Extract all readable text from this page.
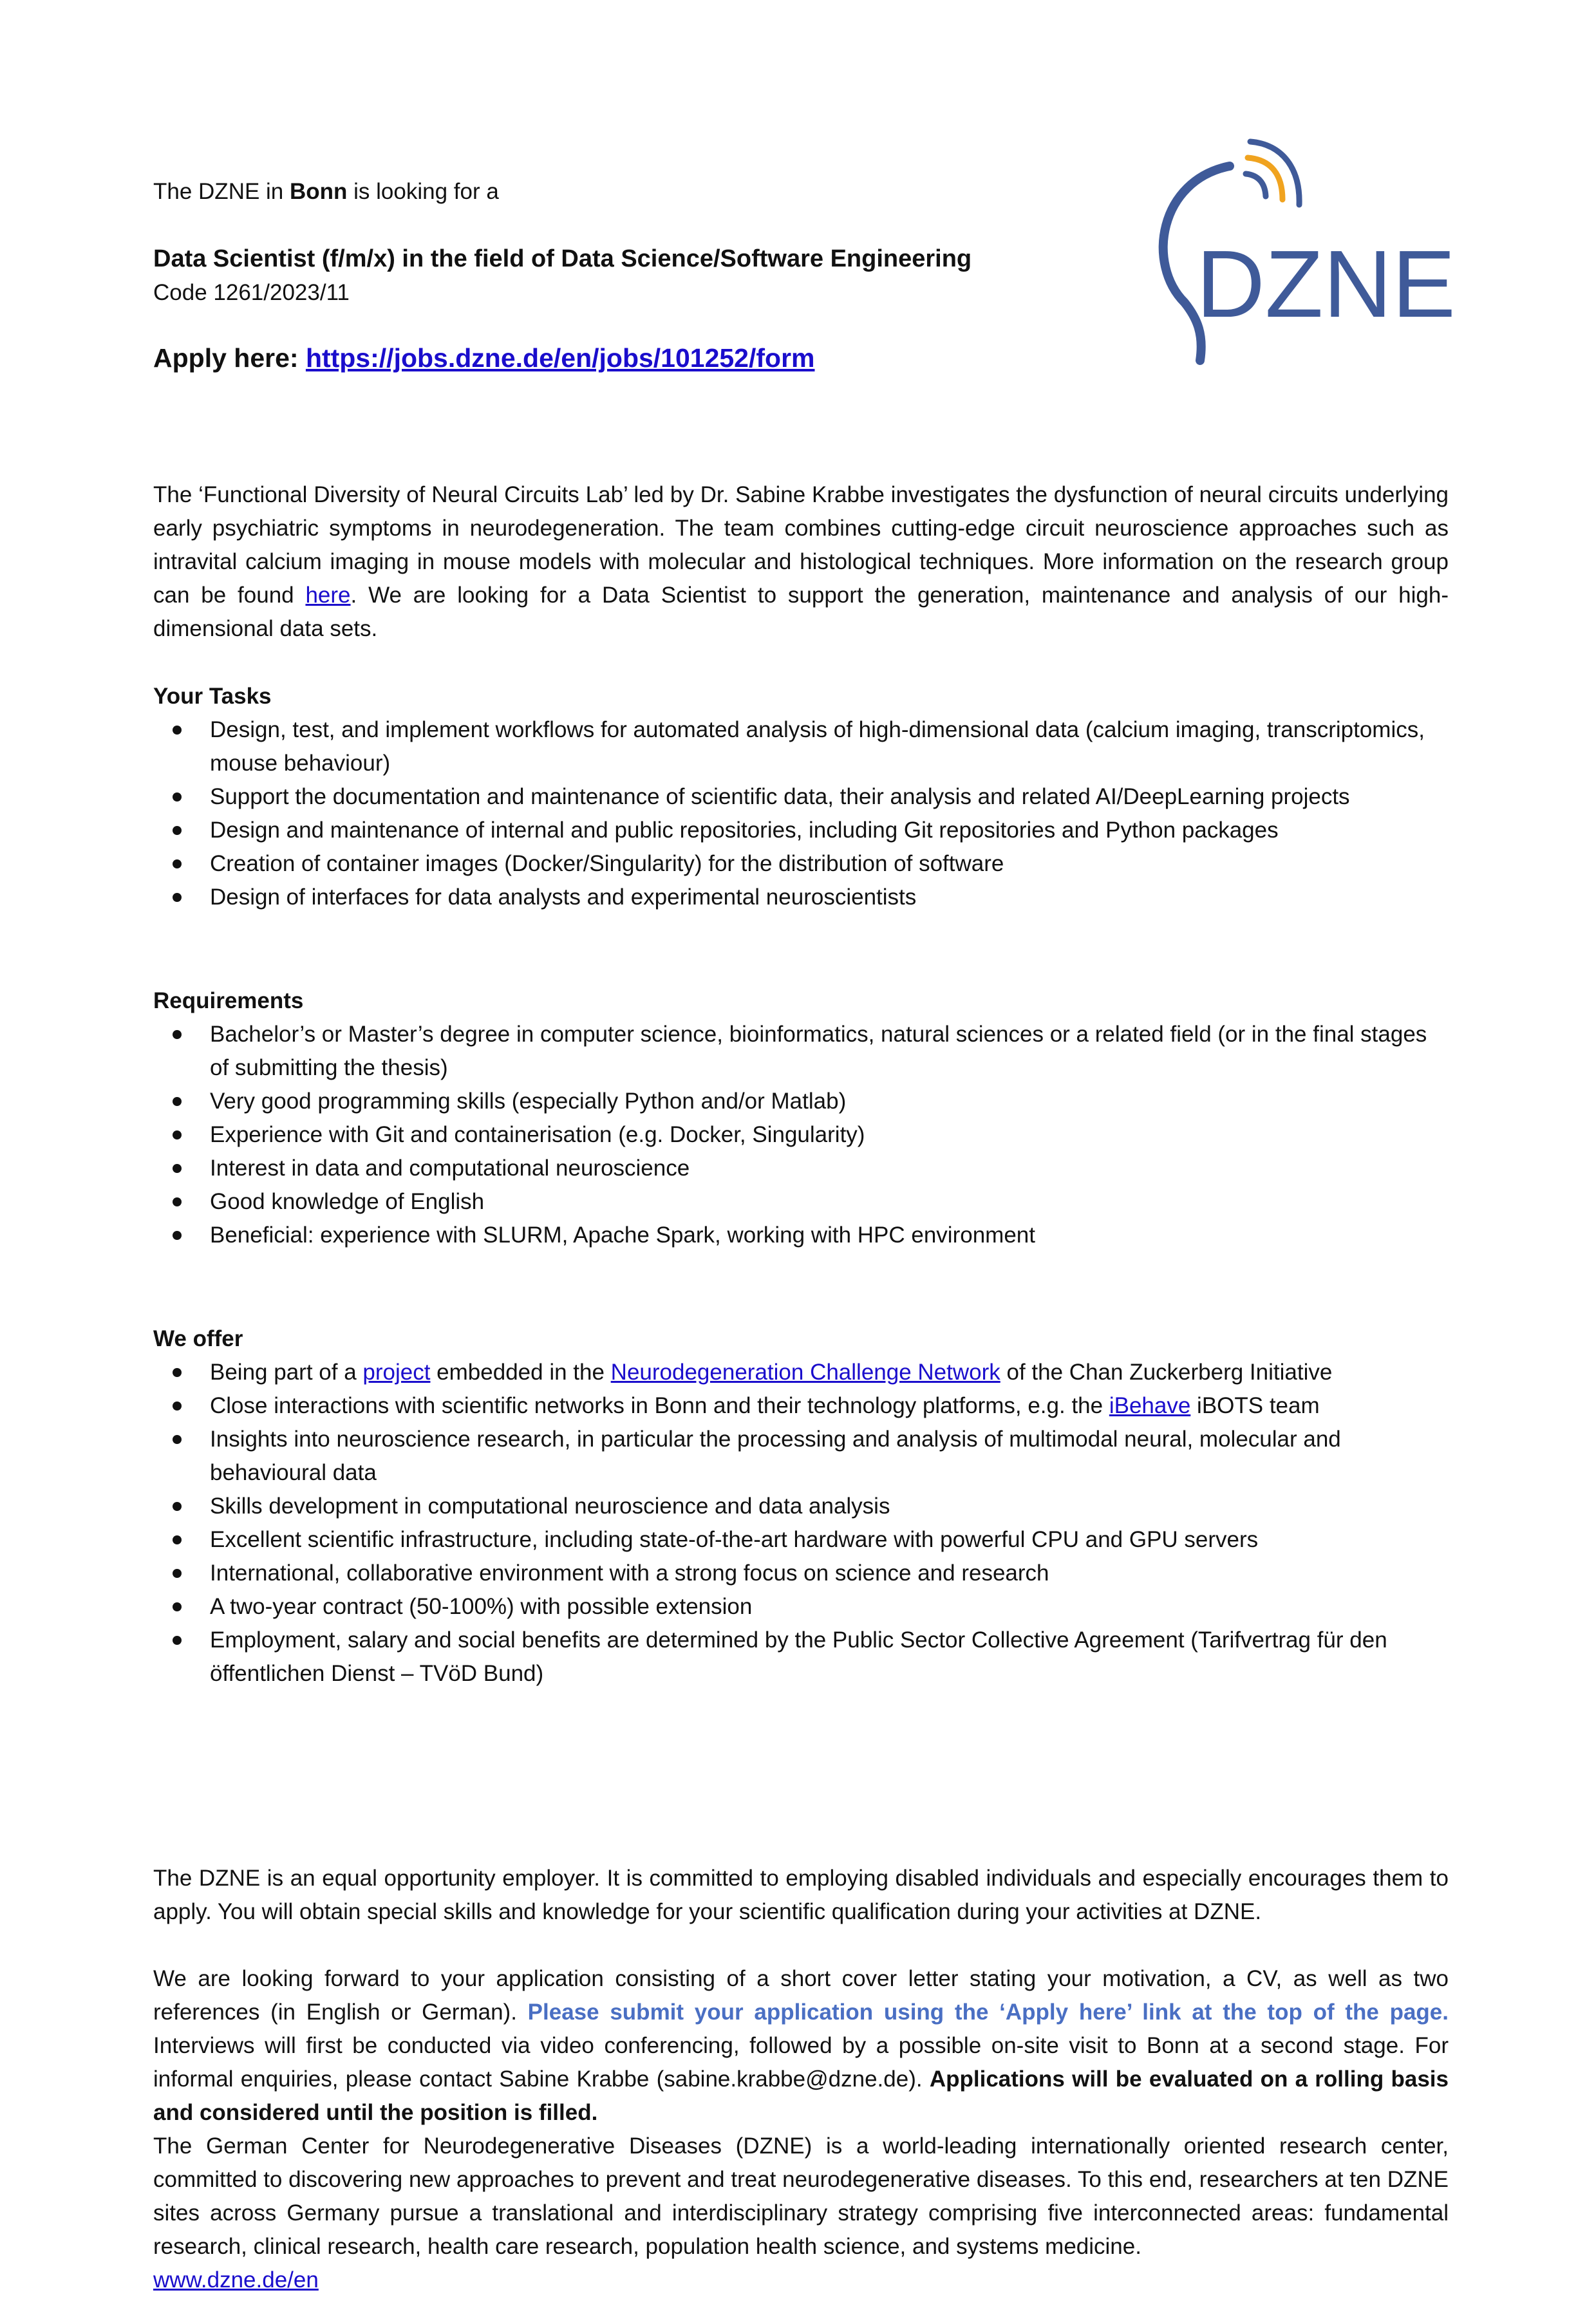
DZNE

The DZNE in Bonn is looking for a

Data Scientist (f/m/x) in the field of Data Science/Software Engineering

Code 1261/2023/11

Apply here: https://jobs.dzne.de/en/jobs/101252/form

The ‘Functional Diversity of Neural Circuits Lab’ led by Dr. Sabine Krabbe investigates the dysfunction of neural circuits underlying early psychiatric symptoms in neurodegeneration. The team combines cutting-edge circuit neuroscience approaches such as intravital calcium imaging in mouse models with molecular and histological techniques. More information on the research group can be found here. We are looking for a Data Scientist to support the generation, maintenance and analysis of our high-dimensional data sets.

Your Tasks
Design, test, and implement workflows for automated analysis of high-dimensional data (calcium imaging, transcriptomics, mouse behaviour)
Support the documentation and maintenance of scientific data, their analysis and related AI/DeepLearning projects
Design and maintenance of internal and public repositories, including Git repositories and Python packages
Creation of container images (Docker/Singularity) for the distribution of software
Design of interfaces for data analysts and experimental neuroscientists
Requirements
Bachelor’s or Master’s degree in computer science, bioinformatics, natural sciences or a related field (or in the final stages of submitting the thesis)
Very good programming skills (especially Python and/or Matlab)
Experience with Git and containerisation (e.g. Docker, Singularity)
Interest in data and computational neuroscience
Good knowledge of English
Beneficial: experience with SLURM, Apache Spark, working with HPC environment
We offer
Being part of a project embedded in the Neurodegeneration Challenge Network of the Chan Zuckerberg Initiative
Close interactions with scientific networks in Bonn and their technology platforms, e.g. the iBehave iBOTS team
Insights into neuroscience research, in particular the processing and analysis of multimodal neural, molecular and behavioural data
Skills development in computational neuroscience and data analysis
Excellent scientific infrastructure, including state-of-the-art hardware with powerful CPU and GPU servers
International, collaborative environment with a strong focus on science and research
A two-year contract (50-100%) with possible extension
Employment, salary and social benefits are determined by the Public Sector Collective Agreement (Tarifvertrag für den öffentlichen Dienst – TVöD Bund)

The DZNE is an equal opportunity employer. It is committed to employing disabled individuals and especially encourages them to apply. You will obtain special skills and knowledge for your scientific qualification during your activities at DZNE.

We are looking forward to your application consisting of a short cover letter stating your motivation, a CV, as well as two references (in English or German). Please submit your application using the ‘Apply here’ link at the top of the page. Interviews will first be conducted via video conferencing, followed by a possible on-site visit to Bonn at a second stage. For informal enquiries, please contact Sabine Krabbe (sabine.krabbe@dzne.de). Applications will be evaluated on a rolling basis and considered until the position is filled.

The German Center for Neurodegenerative Diseases (DZNE) is a world-leading internationally oriented research center, committed to discovering new approaches to prevent and treat neurodegenerative diseases. To this end, researchers at ten DZNE sites across Germany pursue a translational and interdisciplinary strategy comprising five interconnected areas: fundamental research, clinical research, health care research, population health science, and systems medicine.
www.dzne.de/en
